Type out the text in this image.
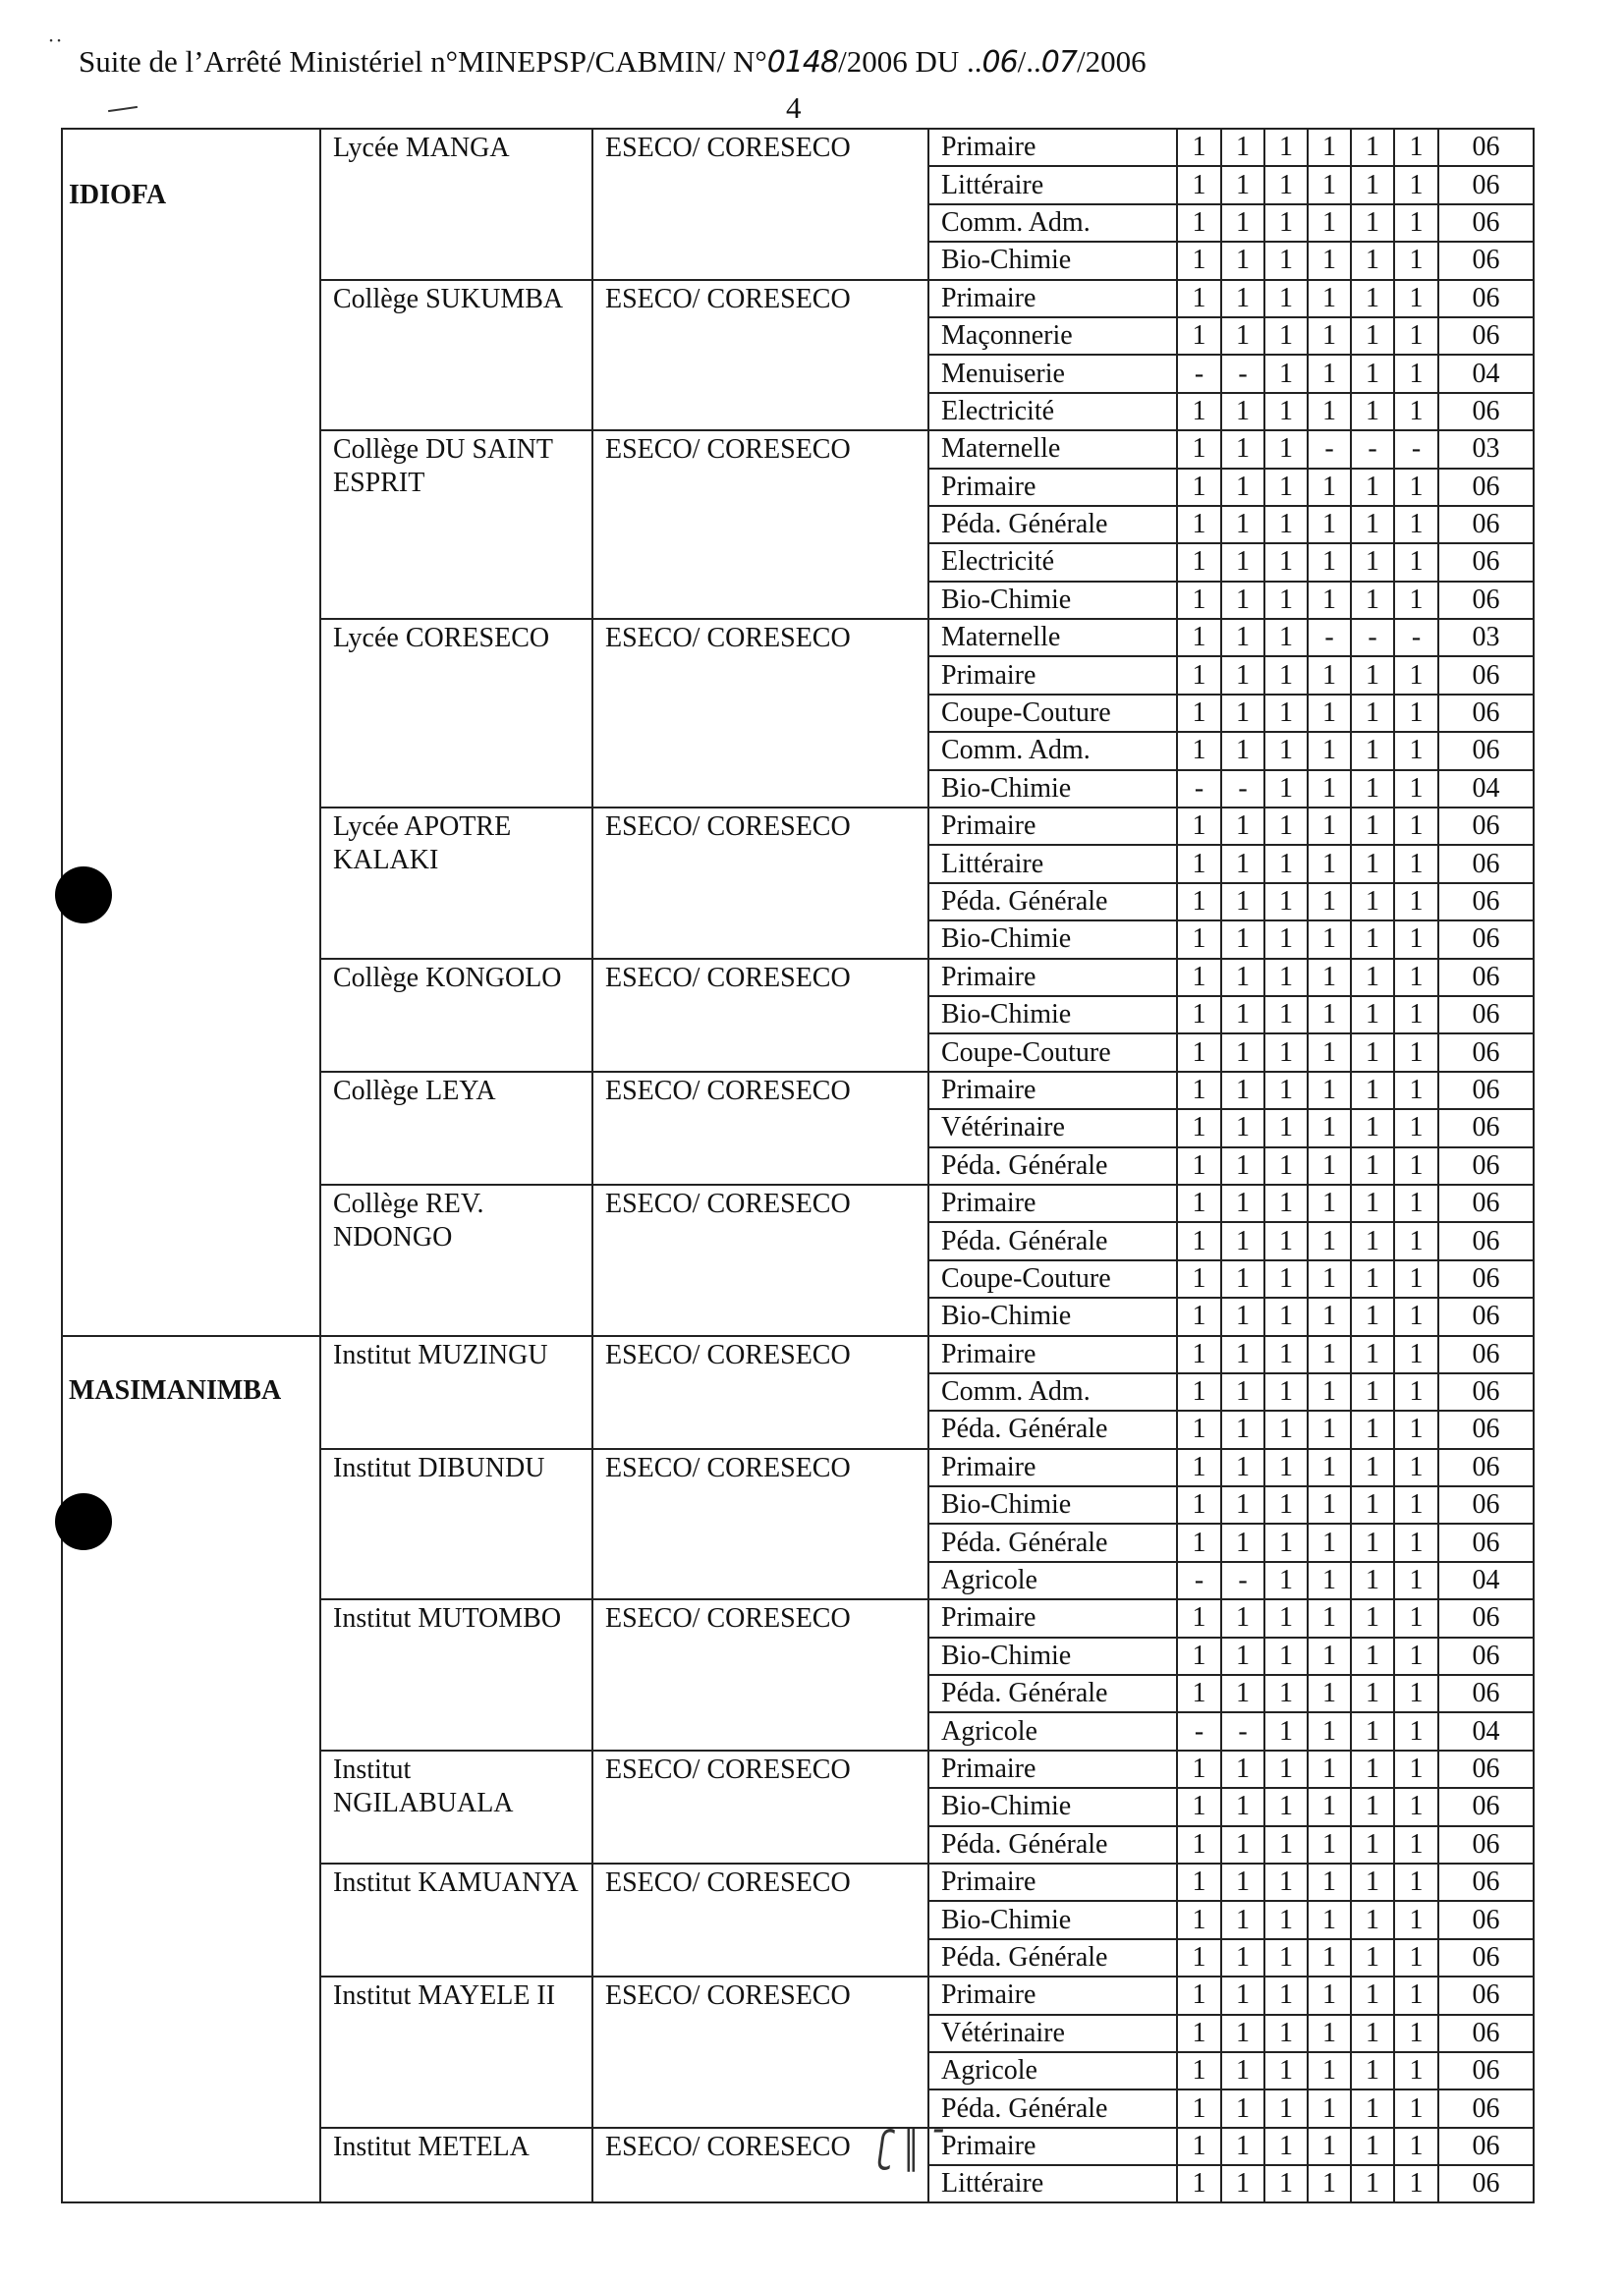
˙˙ Suite de l’Arrêté Ministériel n°MINEPSP/CABMIN/ N°0148/2006 DU ..06/..07/2006
4
IDIOFA	Lycée MANGA	ESECO/ CORESECO	Primaire	1	1	1	1	1	1	06
			Littéraire	1	1	1	1	1	1	06
			Comm. Adm.	1	1	1	1	1	1	06
			Bio-Chimie	1	1	1	1	1	1	06
	Collège SUKUMBA	ESECO/ CORESECO	Primaire	1	1	1	1	1	1	06
			Maçonnerie	1	1	1	1	1	1	06
			Menuiserie	-	-	1	1	1	1	04
			Electricité	1	1	1	1	1	1	06
	Collège DU SAINT ESPRIT	ESECO/ CORESECO	Maternelle	1	1	1	-	-	-	03
			Primaire	1	1	1	1	1	1	06
			Péda. Générale	1	1	1	1	1	1	06
			Electricité	1	1	1	1	1	1	06
			Bio-Chimie	1	1	1	1	1	1	06
	Lycée CORESECO	ESECO/ CORESECO	Maternelle	1	1	1	-	-	-	03
			Primaire	1	1	1	1	1	1	06
			Coupe-Couture	1	1	1	1	1	1	06
			Comm. Adm.	1	1	1	1	1	1	06
			Bio-Chimie	-	-	1	1	1	1	04
	Lycée APOTRE KALAKI	ESECO/ CORESECO	Primaire	1	1	1	1	1	1	06
			Littéraire	1	1	1	1	1	1	06
			Péda. Générale	1	1	1	1	1	1	06
			Bio-Chimie	1	1	1	1	1	1	06
	Collège KONGOLO	ESECO/ CORESECO	Primaire	1	1	1	1	1	1	06
			Bio-Chimie	1	1	1	1	1	1	06
			Coupe-Couture	1	1	1	1	1	1	06
	Collège LEYA	ESECO/ CORESECO	Primaire	1	1	1	1	1	1	06
			Vétérinaire	1	1	1	1	1	1	06
			Péda. Générale	1	1	1	1	1	1	06
	Collège REV. NDONGO	ESECO/ CORESECO	Primaire	1	1	1	1	1	1	06
			Péda. Générale	1	1	1	1	1	1	06
			Coupe-Couture	1	1	1	1	1	1	06
			Bio-Chimie	1	1	1	1	1	1	06

MASIMANIMBA	Institut MUZINGU	ESECO/ CORESECO	Primaire	1	1	1	1	1	1	06
			Comm. Adm.	1	1	1	1	1	1	06
			Péda. Générale	1	1	1	1	1	1	06
	Institut DIBUNDU	ESECO/ CORESECO	Primaire	1	1	1	1	1	1	06
			Bio-Chimie	1	1	1	1	1	1	06
			Péda. Générale	1	1	1	1	1	1	06
			Agricole	-	-	1	1	1	1	04
	Institut MUTOMBO	ESECO/ CORESECO	Primaire	1	1	1	1	1	1	06
			Bio-Chimie	1	1	1	1	1	1	06
			Péda. Générale	1	1	1	1	1	1	06
			Agricole	-	-	1	1	1	1	04
	Institut NGILABUALA	ESECO/ CORESECO	Primaire	1	1	1	1	1	1	06
			Bio-Chimie	1	1	1	1	1	1	06
			Péda. Générale	1	1	1	1	1	1	06
	Institut KAMUANYA	ESECO/ CORESECO	Primaire	1	1	1	1	1	1	06
			Bio-Chimie	1	1	1	1	1	1	06
			Péda. Générale	1	1	1	1	1	1	06
	Institut MAYELE II	ESECO/ CORESECO	Primaire	1	1	1	1	1	1	06
			Vétérinaire	1	1	1	1	1	1	06
			Agricole	1	1	1	1	1	1	06
			Péda. Générale	1	1	1	1	1	1	06
	Institut METELA	ESECO/ CORESECO	Primaire	1	1	1	1	1	1	06
			Littéraire	1	1	1	1	1	1	06
ʗ ‖ ˉ
